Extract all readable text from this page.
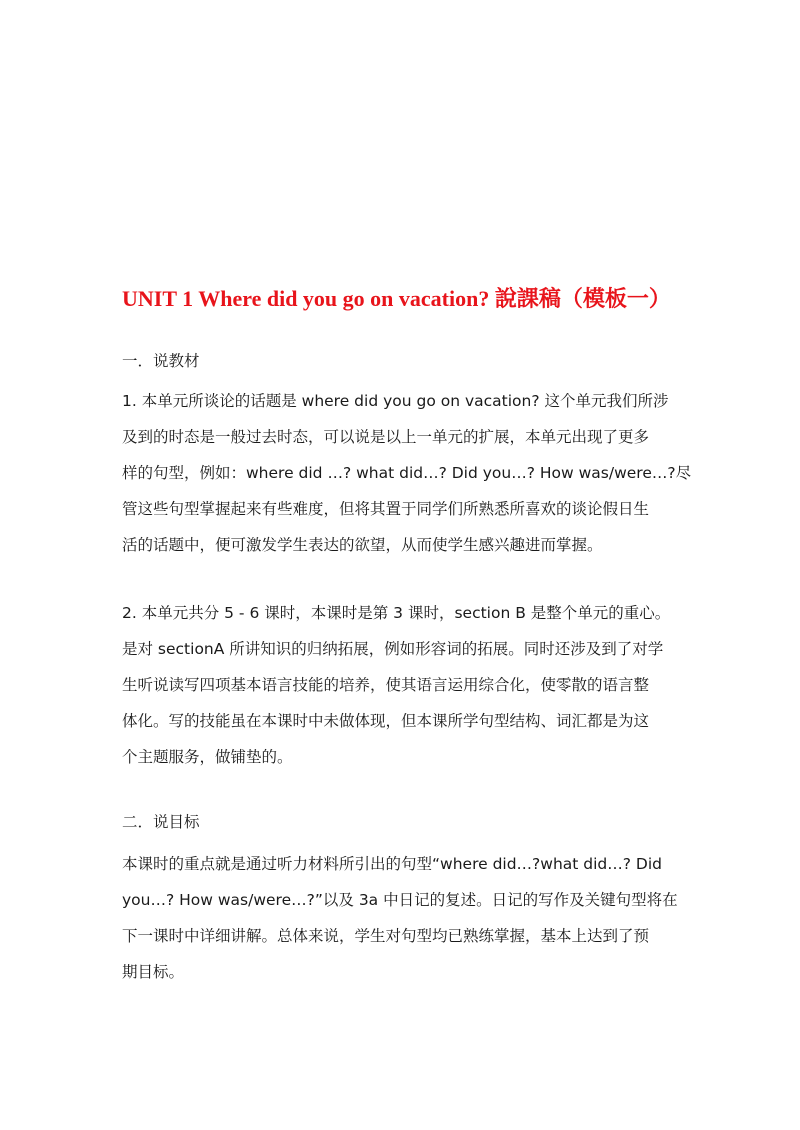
UNIT 1 Where did you go on vacation? 說課稿（模板一）

一．说教材

1. 本单元所谈论的话题是 where did you go on vacation? 这个单元我们所涉
及到的时态是一般过去时态，可以说是以上一单元的扩展，本单元出现了更多
样的句型，例如：where did …? what did…? Did you…? How was/were…?尽
管这些句型掌握起来有些难度，但将其置于同学们所熟悉所喜欢的谈论假日生
活的话题中，便可激发学生表达的欲望，从而使学生感兴趣进而掌握。

2. 本单元共分 5 - 6 课时，本课时是第 3 课时，section B 是整个单元的重心。
是对 sectionA 所讲知识的归纳拓展，例如形容词的拓展。同时还涉及到了对学
生听说读写四项基本语言技能的培养，使其语言运用综合化，使零散的语言整
体化。写的技能虽在本课时中未做体现，但本课所学句型结构、词汇都是为这
个主题服务，做铺垫的。

二．说目标

本课时的重点就是通过听力材料所引出的句型“where did…?what did…? Did
you…? How was/were…?”以及 3a 中日记的复述。日记的写作及关键句型将在
下一课时中详细讲解。总体来说，学生对句型均已熟练掌握，基本上达到了预
期目标。
